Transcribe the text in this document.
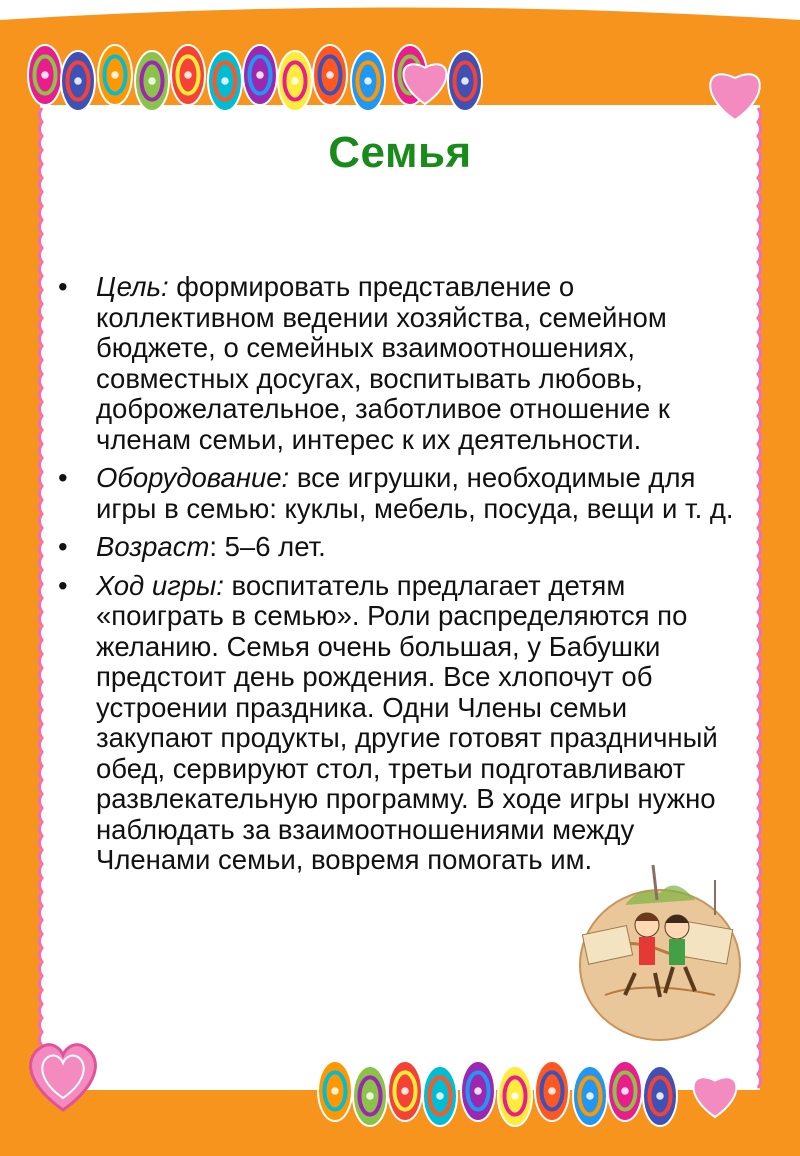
Семья
•	Цель: формировать представление о коллективном ведении хозяйства, семейном бюджете, о семейных взаимоотношениях, совместных досугах, воспитывать любовь, доброжелательное, заботливое отношение к членам семьи, интерес к их деятельности.
•	Оборудование: все игрушки, необходимые для игры в семью: куклы, мебель, посуда, вещи и т. д.
•	Возраст: 5–6 лет.
•	Ход игры: воспитатель предлагает детям «поиграть в семью». Роли распределяются по желанию. Семья очень большая, у Бабушки предстоит день рождения. Все хлопочут об устроении праздника. Одни Члены семьи закупают продукты, другие готовят праздничный обед, сервируют стол, третьи подготавливают развлекательную программу. В ходе игры нужно наблюдать за взаимоотношениями между Членами семьи, вовремя помогать им.
